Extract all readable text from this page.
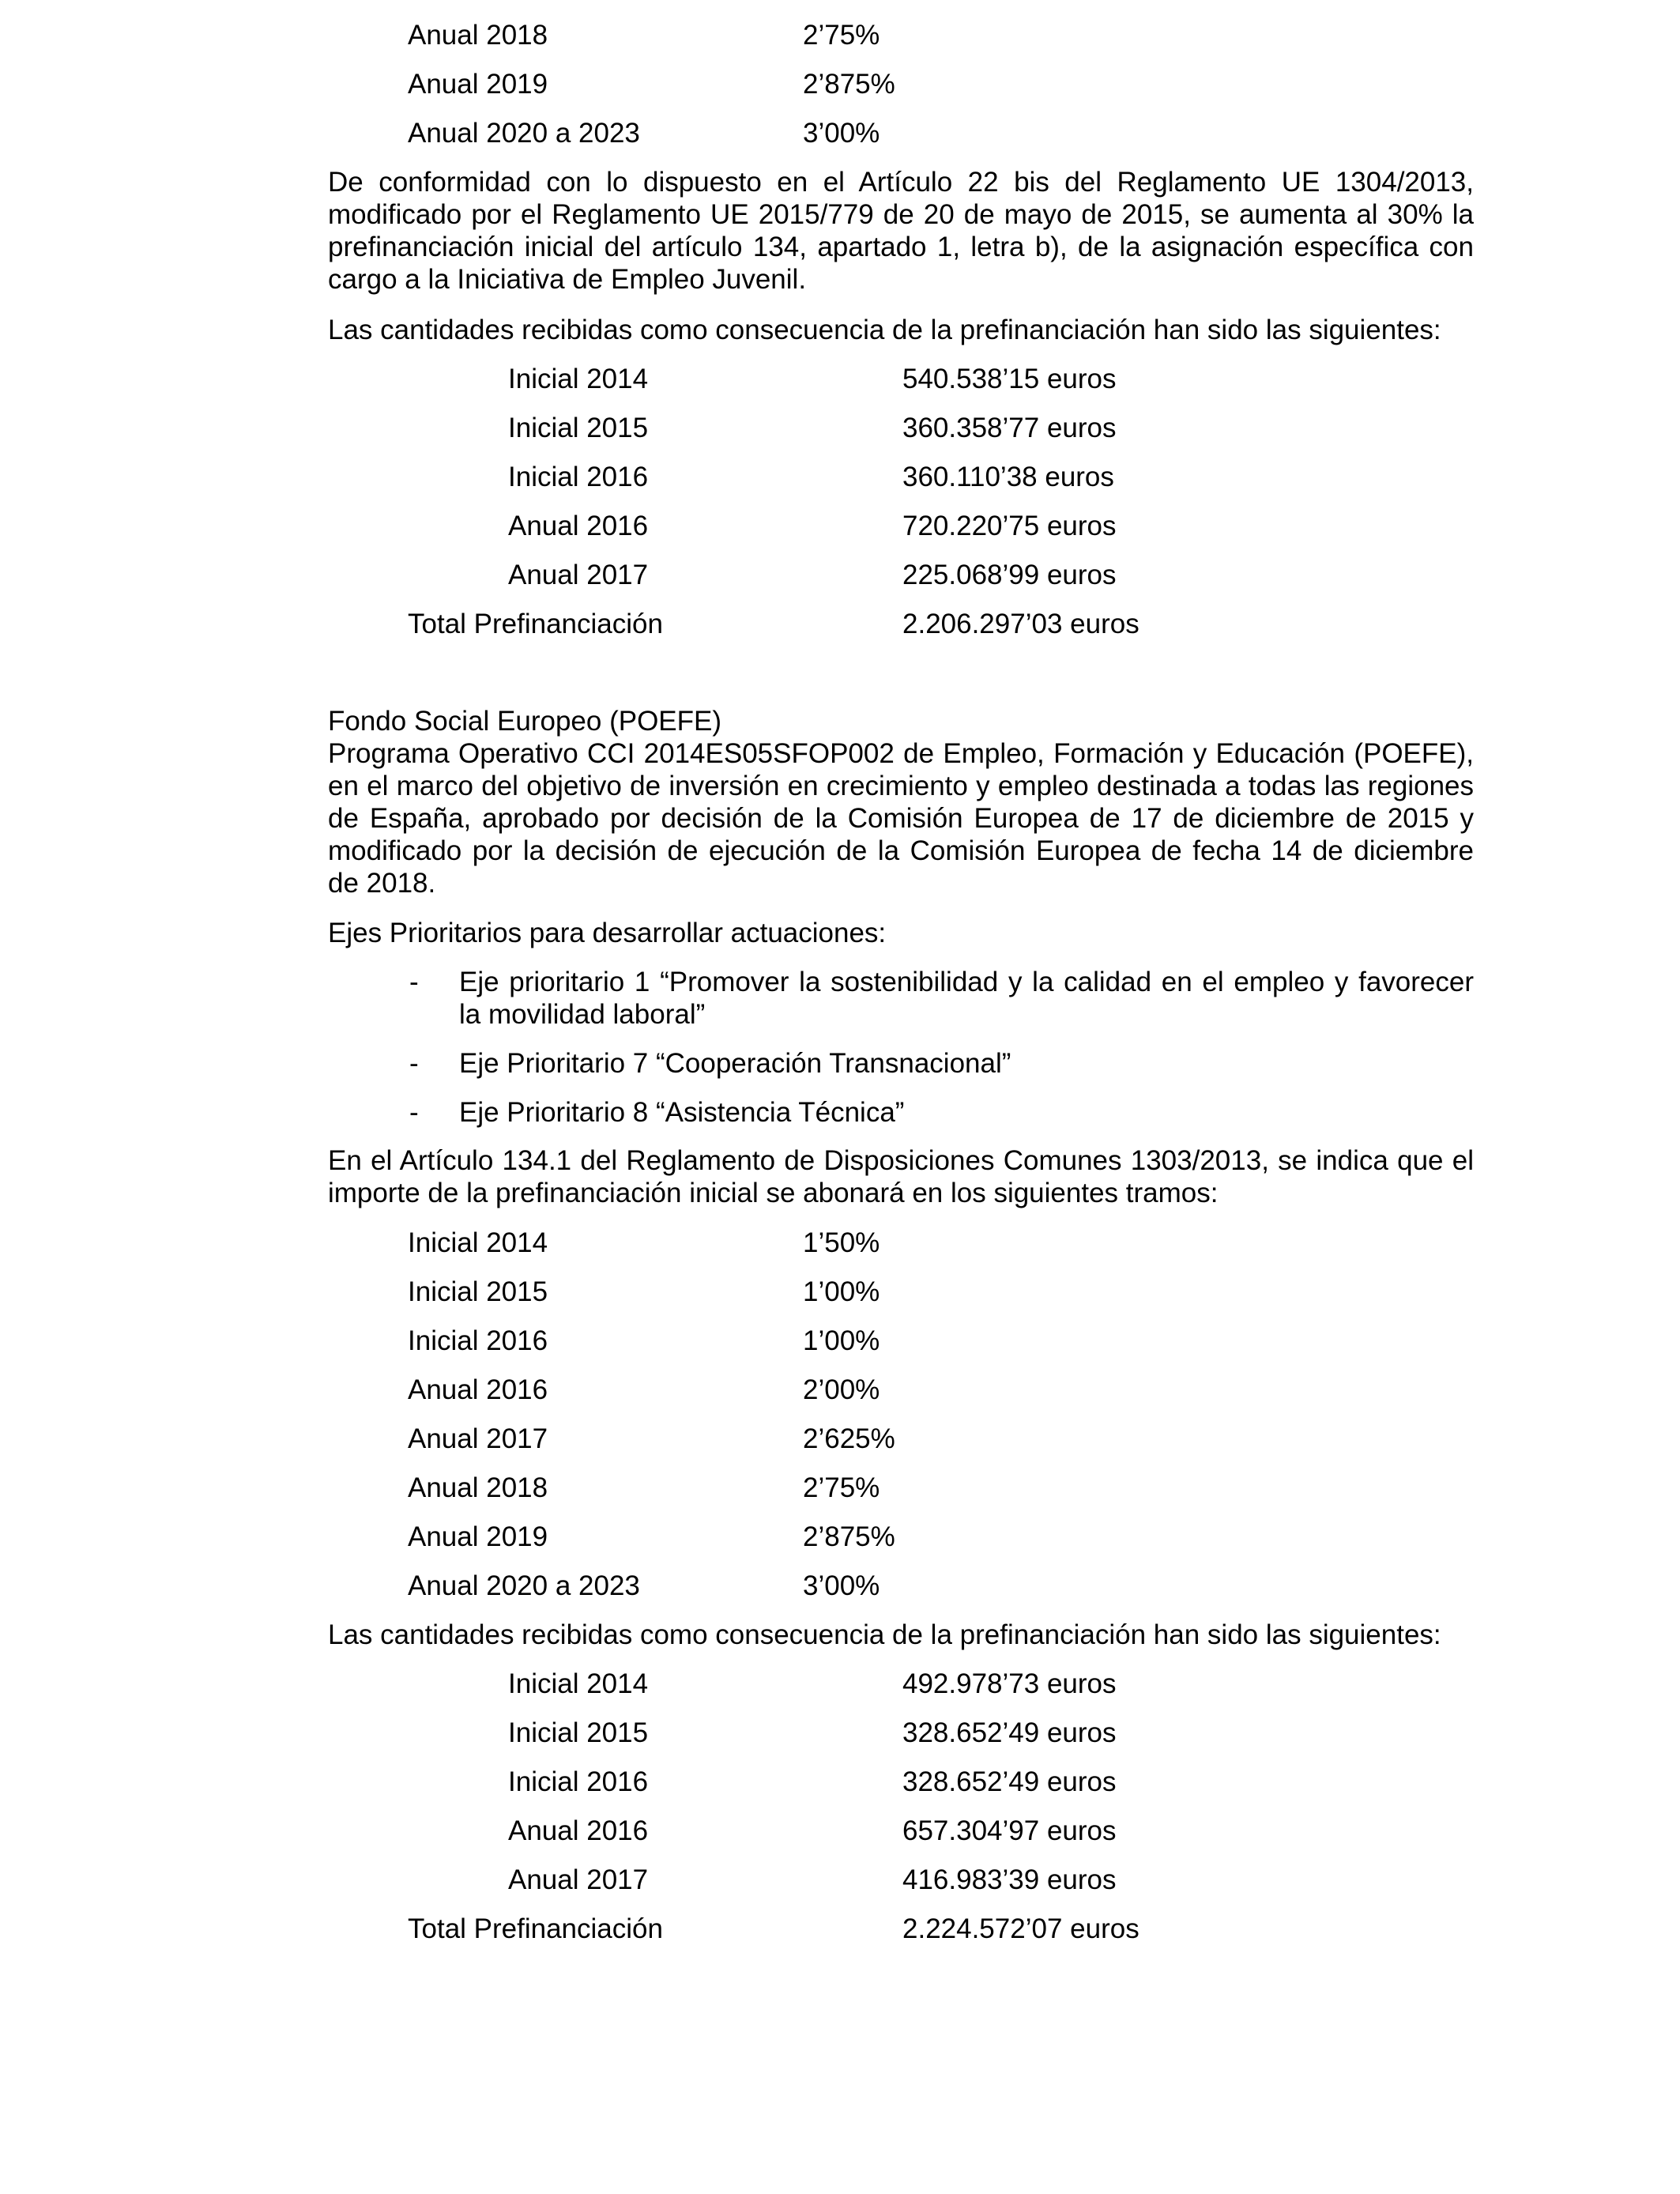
Anual 2018	2’75%
Anual 2019	2’875%
Anual 2020 a 2023	3’00%
De conformidad con lo dispuesto en el Artículo 22 bis del Reglamento UE 1304/2013,
modificado por el Reglamento UE 2015/779 de 20 de mayo de 2015, se aumenta al 30% la
prefinanciación inicial del artículo 134, apartado 1, letra b), de la asignación específica con
cargo a la Iniciativa de Empleo Juvenil.
Las cantidades recibidas como consecuencia de la prefinanciación han sido las siguientes:
Inicial 2014	540.538’15 euros
Inicial 2015	360.358’77 euros
Inicial 2016	360.110’38 euros
Anual 2016	720.220’75 euros
Anual 2017	225.068’99 euros
Total Prefinanciación	2.206.297’03 euros
Fondo Social Europeo (POEFE)
Programa Operativo CCI 2014ES05SFOP002 de Empleo, Formación y Educación (POEFE),
en el marco del objetivo de inversión en crecimiento y empleo destinada a todas las regiones
de España, aprobado por decisión de la Comisión Europea de 17 de diciembre de 2015 y
modificado por la decisión de ejecución de la Comisión Europea de fecha 14 de diciembre
de 2018.
Ejes Prioritarios para desarrollar actuaciones:
- Eje prioritario 1 “Promover la sostenibilidad y la calidad en el empleo y favorecer
la movilidad laboral”
- Eje Prioritario 7 “Cooperación Transnacional”
- Eje Prioritario 8 “Asistencia Técnica”
En el Artículo 134.1 del Reglamento de Disposiciones Comunes 1303/2013, se indica que el
importe de la prefinanciación inicial se abonará en los siguientes tramos:
Inicial 2014	1’50%
Inicial 2015	1’00%
Inicial 2016	1’00%
Anual 2016	2’00%
Anual 2017	2’625%
Anual 2018	2’75%
Anual 2019	2’875%
Anual 2020 a 2023	3’00%
Las cantidades recibidas como consecuencia de la prefinanciación han sido las siguientes:
Inicial 2014	492.978’73 euros
Inicial 2015	328.652’49 euros
Inicial 2016	328.652’49 euros
Anual 2016	657.304’97 euros
Anual 2017	416.983’39 euros
Total Prefinanciación	2.224.572’07 euros
